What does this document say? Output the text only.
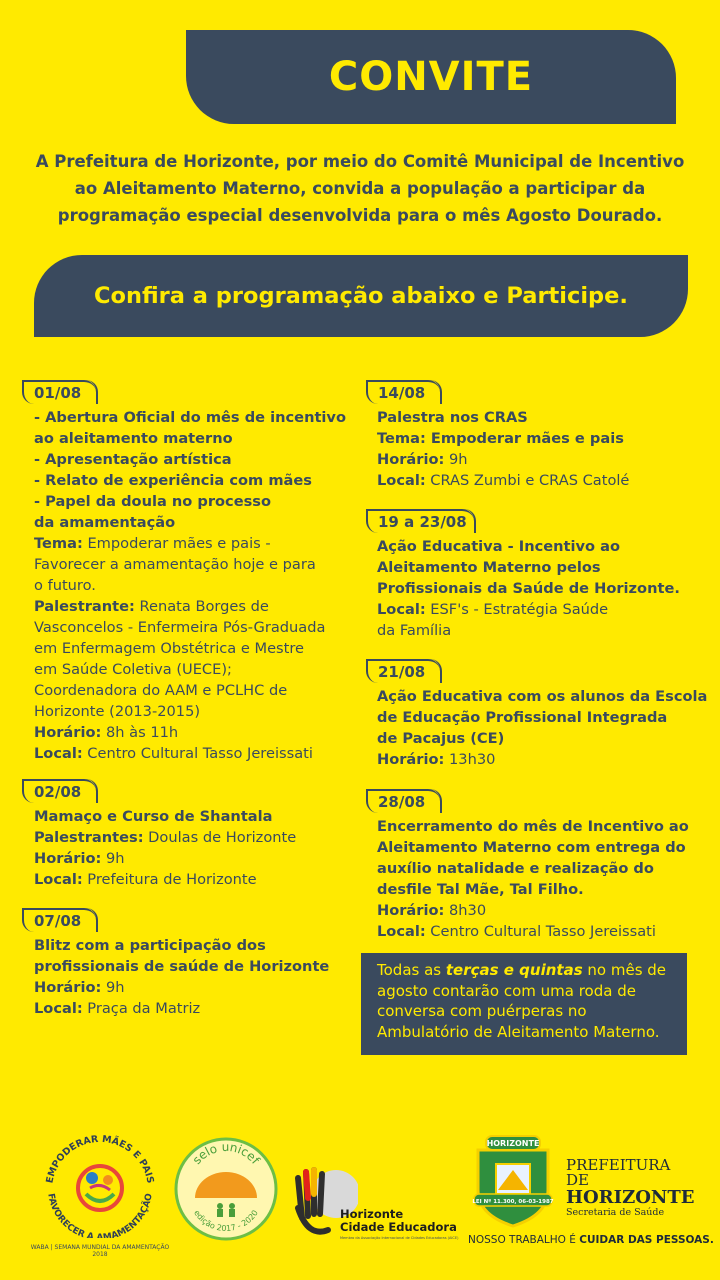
CONVITE
A Prefeitura de Horizonte, por meio do Comitê Municipal de Incentivo
ao Aleitamento Materno, convida a população a participar da
programação especial desenvolvida para o mês Agosto Dourado.
Confira a programação abaixo e Participe.
01/08
- Abertura Oficial do mês de incentivo
ao aleitamento materno
- Apresentação artística
- Relato de experiência com mães
- Papel da doula no processo
da amamentação
Tema: Empoderar mães e pais -
Favorecer a amamentação hoje e para
o futuro.
Palestrante: Renata Borges de
Vasconcelos - Enfermeira Pós-Graduada
em Enfermagem Obstétrica e Mestre
em Saúde Coletiva (UECE);
Coordenadora do AAM e PCLHC de
Horizonte (2013-2015)
Horário: 8h às 11h
Local: Centro Cultural Tasso Jereissati
02/08
Mamaço e Curso de Shantala
Palestrantes: Doulas de Horizonte
Horário: 9h
Local: Prefeitura de Horizonte
07/08
Blitz com a participação dos
profissionais de saúde de Horizonte
Horário: 9h
Local: Praça da Matriz
14/08
Palestra nos CRAS
Tema: Empoderar mães e pais
Horário: 9h
Local: CRAS Zumbi e CRAS Catolé
19 a 23/08
Ação Educativa - Incentivo ao
Aleitamento Materno pelos
Profissionais da Saúde de Horizonte.
Local: ESF's - Estratégia Saúde
da Família
21/08
Ação Educativa com os alunos da Escola
de Educação Profissional Integrada
de Pacajus (CE)
Horário: 13h30
28/08
Encerramento do mês de Incentivo ao
Aleitamento Materno com entrega do
auxílio natalidade e realização do
desfile Tal Mãe, Tal Filho.
Horário: 8h30
Local: Centro Cultural Tasso Jereissati
Todas as terças e quintas no mês de
agosto contarão com uma roda de
conversa com puérperas no
Ambulatório de Aleitamento Materno.
EMPODERAR MÃES E PAIS
FAVORECER A AMAMENTAÇÃO
WABA | SEMANA MUNDIAL DA AMAMENTAÇÃO 2018
selo unicef
edição 2017 - 2020	Horizonte
Cidade Educadora
Membro da Associação Internacional de Cidades Educadoras (AICE)
HORIZONTE
LEI Nº 11.300, 06-03-1987
PREFEITURA DE
HORIZONTE
Secretaria de Saúde
NOSSO TRABALHO É CUIDAR DAS PESSOAS.
